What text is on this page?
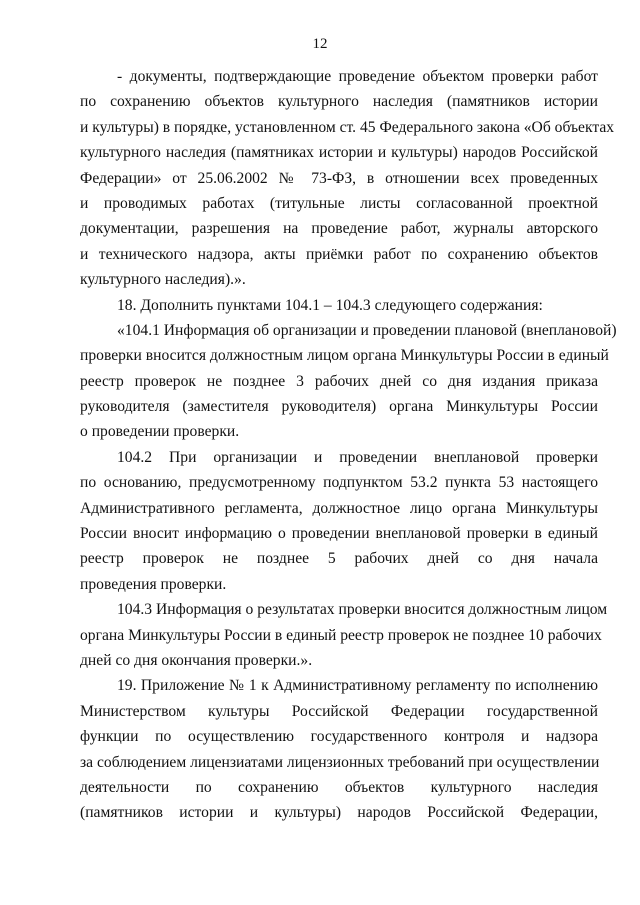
12
- документы, подтверждающие проведение объектом проверки работ
по сохранению объектов культурного наследия (памятников истории
и культуры) в порядке, установленном ст. 45 Федерального закона «Об объектах
культурного наследия (памятниках истории и культуры) народов Российской
Федерации» от 25.06.2002 № 73-ФЗ, в отношении всех проведенных
и проводимых работах (титульные листы согласованной проектной
документации, разрешения на проведение работ, журналы авторского
и технического надзора, акты приёмки работ по сохранению объектов
культурного наследия).».
18. Дополнить пунктами 104.1 – 104.3 следующего содержания:
«104.1 Информация об организации и проведении плановой (внеплановой)
проверки вносится должностным лицом органа Минкультуры России в единый
реестр проверок не позднее 3 рабочих дней со дня издания приказа
руководителя (заместителя руководителя) органа Минкультуры России
о проведении проверки.
104.2 При организации и проведении внеплановой проверки
по основанию, предусмотренному подпунктом 53.2 пункта 53 настоящего
Административного регламента, должностное лицо органа Минкультуры
России вносит информацию о проведении внеплановой проверки в единый
реестр проверок не позднее 5 рабочих дней со дня начала
проведения проверки.
104.3 Информация о результатах проверки вносится должностным лицом
органа Минкультуры России в единый реестр проверок не позднее 10 рабочих
дней со дня окончания проверки.».
19. Приложение № 1 к Административному регламенту по исполнению
Министерством культуры Российской Федерации государственной
функции по осуществлению государственного контроля и надзора
за соблюдением лицензиатами лицензионных требований при осуществлении
деятельности по сохранению объектов культурного наследия
(памятников истории и культуры) народов Российской Федерации,
